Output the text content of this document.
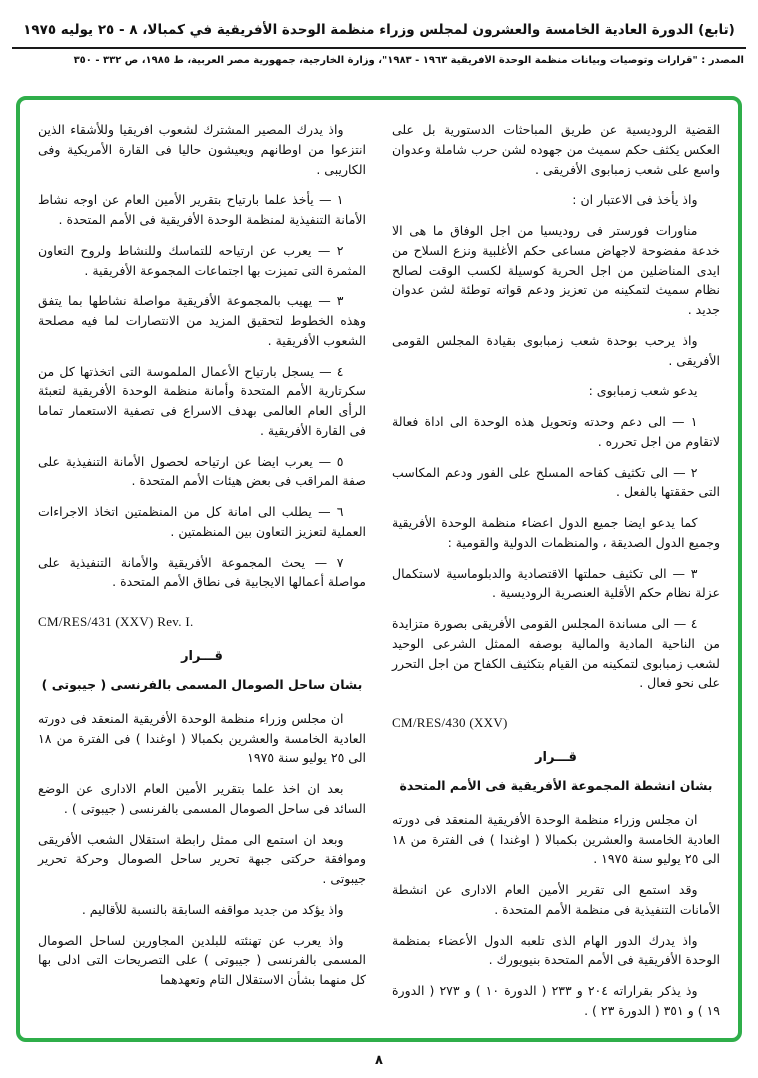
(تابع) الدورة العادية الخامسة والعشرون لمجلس وزراء منظمة الوحدة الأفريقية في كمبالا، ٨ - ٢٥ يوليه ١٩٧٥
المصدر : "قرارات وتوصيات وبيانات منظمة الوحدة الأفريقية ١٩٦٣ - ١٩٨٣"، وزارة الخارجية، جمهورية مصر العربية، ط ١٩٨٥، ص ٣٣٢ - ٣٥٠

القضية الروديسية عن طريق المباحثات الدستورية بل على العكس يكثف حكم سميث من جهوده لشن حرب شاملة وعدوان واسع على شعب زمبابوى الأفريقى .

واذ يأخذ فى الاعتبار ان :

مناورات فورستر فى روديسيا من اجل الوفاق ما هى الا خدعة مفضوحة لاجهاض مساعى حكم الأغلبية ونزع السلاح من ايدى المناضلين من اجل الحرية كوسيلة لكسب الوقت لصالح نظام سميث لتمكينه من تعزيز ودعم قواته توطئة لشن عدوان جديد .

واذ يرحب بوحدة شعب زمبابوى بقيادة المجلس القومى الأفريقى .

يدعو شعب زمبابوى :

١ — الى دعم وحدته وتحويل هذه الوحدة الى اداة فعالة لاتقاوم من اجل تحرره .

٢ — الى تكثيف كفاحه المسلح على الفور ودعم المكاسب التى حققتها بالفعل .

كما يدعو ايضا جميع الدول اعضاء منظمة الوحدة الأفريقية وجميع الدول الصديقة ، والمنظمات الدولية والقومية :

٣ — الى تكثيف حملتها الاقتصادية والدبلوماسية لاستكمال عزلة نظام حكم الأقلية العنصرية الروديسية .

٤ — الى مساندة المجلس القومى الأفريقى بصورة متزايدة من الناحية المادية والمالية بوصفه الممثل الشرعى الوحيد لشعب زمبابوى لتمكينه من القيام بتكثيف الكفاح من اجل التحرر على نحو فعال .

CM/RES/430 (XXV)

قـــرار

بشان انشطة المجموعة الأفريقية فى الأمم المتحدة

ان مجلس وزراء منظمة الوحدة الأفريقية المنعقد فى دورته العادية الخامسة والعشرين بكمبالا ( اوغندا ) فى الفترة من ١٨ الى ٢٥ يوليو سنة ١٩٧٥ .

وقد استمع الى تقرير الأمين العام الادارى عن انشطة الأمانات التنفيذية فى منظمة الأمم المتحدة .

واذ يدرك الدور الهام الذى تلعبه الدول الأعضاء بمنظمة الوحدة الأفريقية فى الأمم المتحدة بنيويورك .

وذ يذكر بقراراته ٢٠٤ و ٢٣٣ ( الدورة ١٠ ) و ٢٧٣ ( الدورة ١٩ ) و ٣٥١ ( الدورة ٢٣ ) .

واذ يدرك المصير المشترك لشعوب افريقيا وللأشقاء الذين انتزعوا من اوطانهم ويعيشون حاليا فى القارة الأمريكية وفى الكاريبى .

١ — يأخذ علما بارتياح بتقرير الأمين العام عن اوجه نشاط الأمانة التنفيذية لمنظمة الوحدة الأفريقية فى الأمم المتحدة .

٢ — يعرب عن ارتياحه للتماسك وللنشاط ولروح التعاون المثمرة التى تميزت بها اجتماعات المجموعة الأفريقية .

٣ — يهيب بالمجموعة الأفريقية مواصلة نشاطها بما يتفق وهذه الخطوط لتحقيق المزيد من الانتصارات لما فيه مصلحة الشعوب الأفريقية .

٤ — يسجل بارتياح الأعمال الملموسة التى اتخذتها كل من سكرتارية الأمم المتحدة وأمانة منظمة الوحدة الأفريقية لتعبئة الرأى العام العالمى بهدف الاسراع فى تصفية الاستعمار تماما فى القارة الأفريقية .

٥ — يعرب ايضا عن ارتياحه لحصول الأمانة التنفيذية على صفة المراقب فى بعض هيئات الأمم المتحدة .

٦ — يطلب الى امانة كل من المنظمتين اتخاذ الاجراءات العملية لتعزيز التعاون بين المنظمتين .

٧ — يحث المجموعة الأفريقية والأمانة التنفيذية على مواصلة أعمالها الايجابية فى نطاق الأمم المتحدة .

CM/RES/431 (XXV) Rev. I.

قـــرار

بشان ساحل الصومال المسمى بالفرنسى ( جيبوتى )

ان مجلس وزراء منظمة الوحدة الأفريقية المنعقد فى دورته العادية الخامسة والعشرين بكمبالا ( اوغندا ) فى الفترة من ١٨ الى ٢٥ يوليو سنة ١٩٧٥

بعد ان اخذ علما بتقرير الأمين العام الادارى عن الوضع السائد فى ساحل الصومال المسمى بالفرنسى ( جيبوتى ) .

وبعد ان استمع الى ممثل رابطة استقلال الشعب الأفريقى وموافقة حركتى جبهة تحرير ساحل الصومال وحركة تحرير جيبوتى .

واذ يؤكد من جديد مواقفه السابقة بالنسبة للأقاليم .

واذ يعرب عن تهنئته للبلدين المجاورين لساحل الصومال المسمى بالفرنسى ( جيبوتى ) على التصريحات التى ادلى بها كل منهما بشأن الاستقلال التام وتعهدهما

٨
